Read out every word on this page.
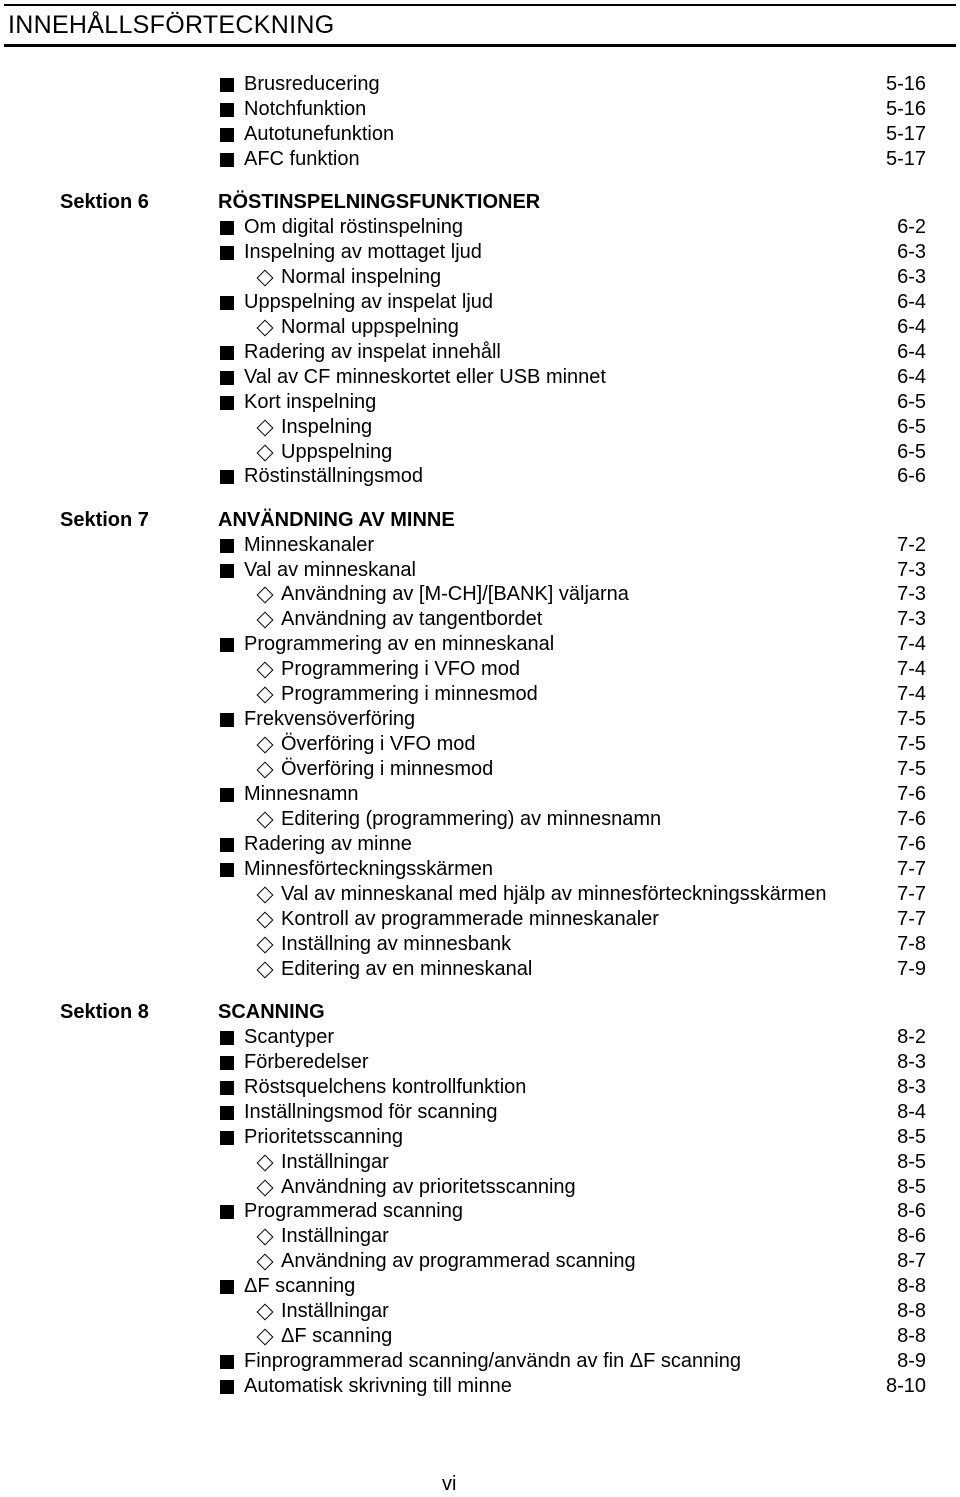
INNEHÅLLSFÖRTECKNING
Brusreducering	5-16
Notchfunktion	5-16
Autotunefunktion	5-17
AFC funktion	5-17
Sektion 6	RÖSTINSPELNINGSFUNKTIONER
Om digital röstinspelning	6-2
Inspelning av mottaget ljud	6-3
Normal inspelning	6-3
Uppspelning av inspelat ljud	6-4
Normal uppspelning	6-4
Radering av inspelat innehåll	6-4
Val av CF minneskortet eller USB minnet	6-4
Kort inspelning	6-5
Inspelning	6-5
Uppspelning	6-5
Röstinställningsmod	6-6
Sektion 7	ANVÄNDNING AV MINNE
Minneskanaler	7-2
Val av minneskanal	7-3
Användning av [M-CH]/[BANK] väljarna	7-3
Användning av tangentbordet	7-3
Programmering av en minneskanal	7-4
Programmering i VFO mod	7-4
Programmering i minnesmod	7-4
Frekvensöverföring	7-5
Överföring i VFO mod	7-5
Överföring i minnesmod	7-5
Minnesnamn	7-6
Editering (programmering) av minnesnamn	7-6
Radering av minne	7-6
Minnesförteckningsskärmen	7-7
Val av minneskanal med hjälp av minnesförteckningsskärmen	7-7
Kontroll av programmerade minneskanaler	7-7
Inställning av minnesbank	7-8
Editering av en minneskanal	7-9
Sektion 8	SCANNING
Scantyper	8-2
Förberedelser	8-3
Röstsquelchens kontrollfunktion	8-3
Inställningsmod för scanning	8-4
Prioritetsscanning	8-5
Inställningar	8-5
Användning av prioritetsscanning	8-5
Programmerad scanning	8-6
Inställningar	8-6
Användning av programmerad scanning	8-7
ΔF scanning	8-8
Inställningar	8-8
ΔF scanning	8-8
Finprogrammerad scanning/användn av fin ΔF scanning	8-9
Automatisk skrivning till minne	8-10
vi
